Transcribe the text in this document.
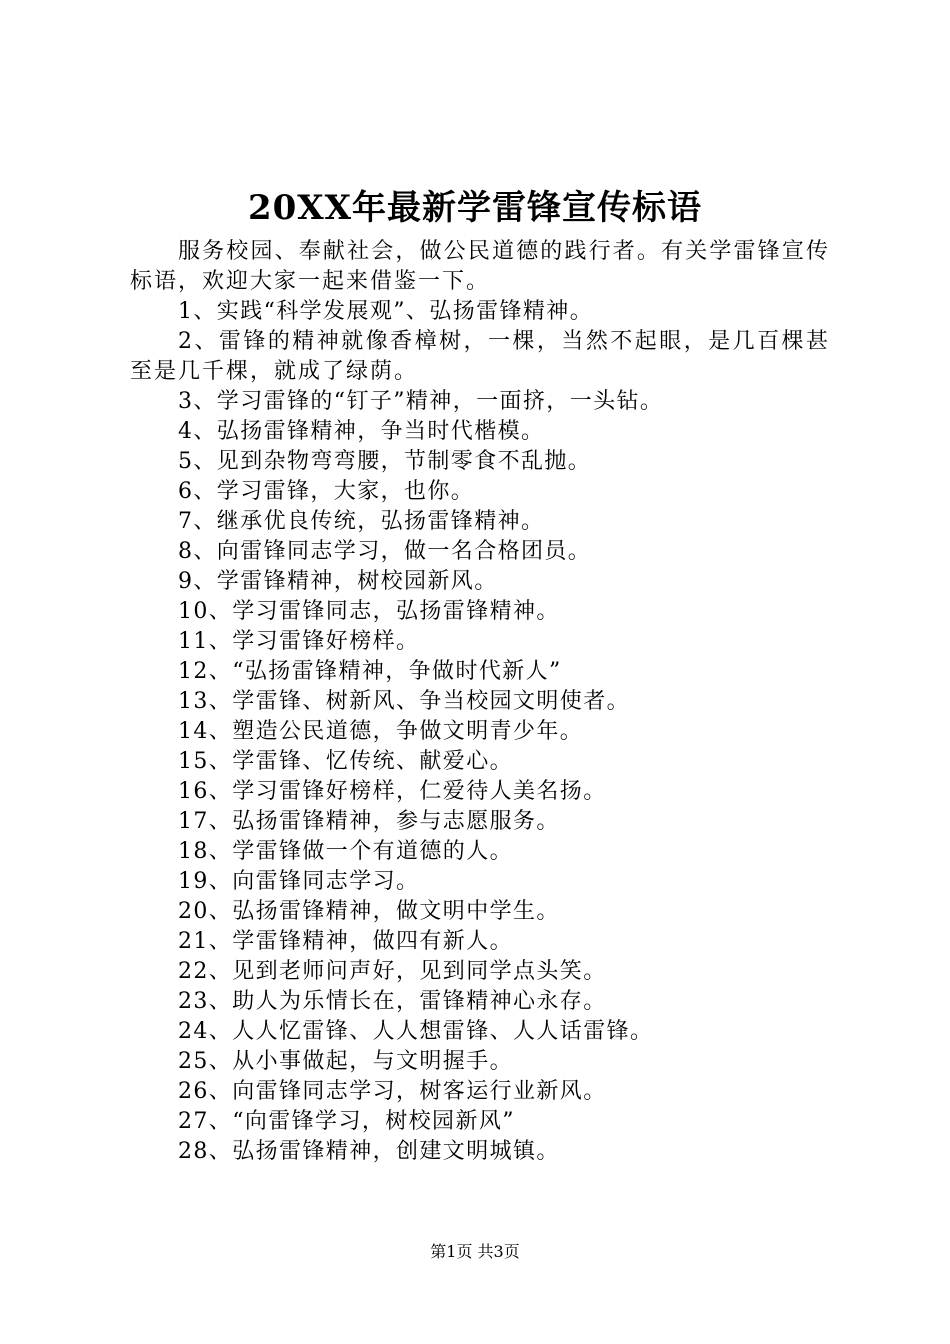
20XX年最新学雷锋宣传标语
服务校园、奉献社会，做公民道德的践行者。有关学雷锋宣传标语，欢迎大家一起来借鉴一下。
1、实践“科学发展观”、弘扬雷锋精神。
2、雷锋的精神就像香樟树，一棵，当然不起眼，是几百棵甚至是几千棵，就成了绿荫。
3、学习雷锋的“钉子”精神，一面挤，一头钻。
4、弘扬雷锋精神，争当时代楷模。
5、见到杂物弯弯腰，节制零食不乱抛。
6、学习雷锋，大家，也你。
7、继承优良传统，弘扬雷锋精神。
8、向雷锋同志学习，做一名合格团员。
9、学雷锋精神，树校园新风。
10、学习雷锋同志，弘扬雷锋精神。
11、学习雷锋好榜样。
12、“弘扬雷锋精神，争做时代新人”
13、学雷锋、树新风、争当校园文明使者。
14、塑造公民道德，争做文明青少年。
15、学雷锋、忆传统、献爱心。
16、学习雷锋好榜样，仁爱待人美名扬。
17、弘扬雷锋精神，参与志愿服务。
18、学雷锋做一个有道德的人。
19、向雷锋同志学习。
20、弘扬雷锋精神，做文明中学生。
21、学雷锋精神，做四有新人。
22、见到老师问声好，见到同学点头笑。
23、助人为乐情长在，雷锋精神心永存。
24、人人忆雷锋、人人想雷锋、人人话雷锋。
25、从小事做起，与文明握手。
26、向雷锋同志学习，树客运行业新风。
27、“向雷锋学习，树校园新风”
28、弘扬雷锋精神，创建文明城镇。
第1页 共3页
